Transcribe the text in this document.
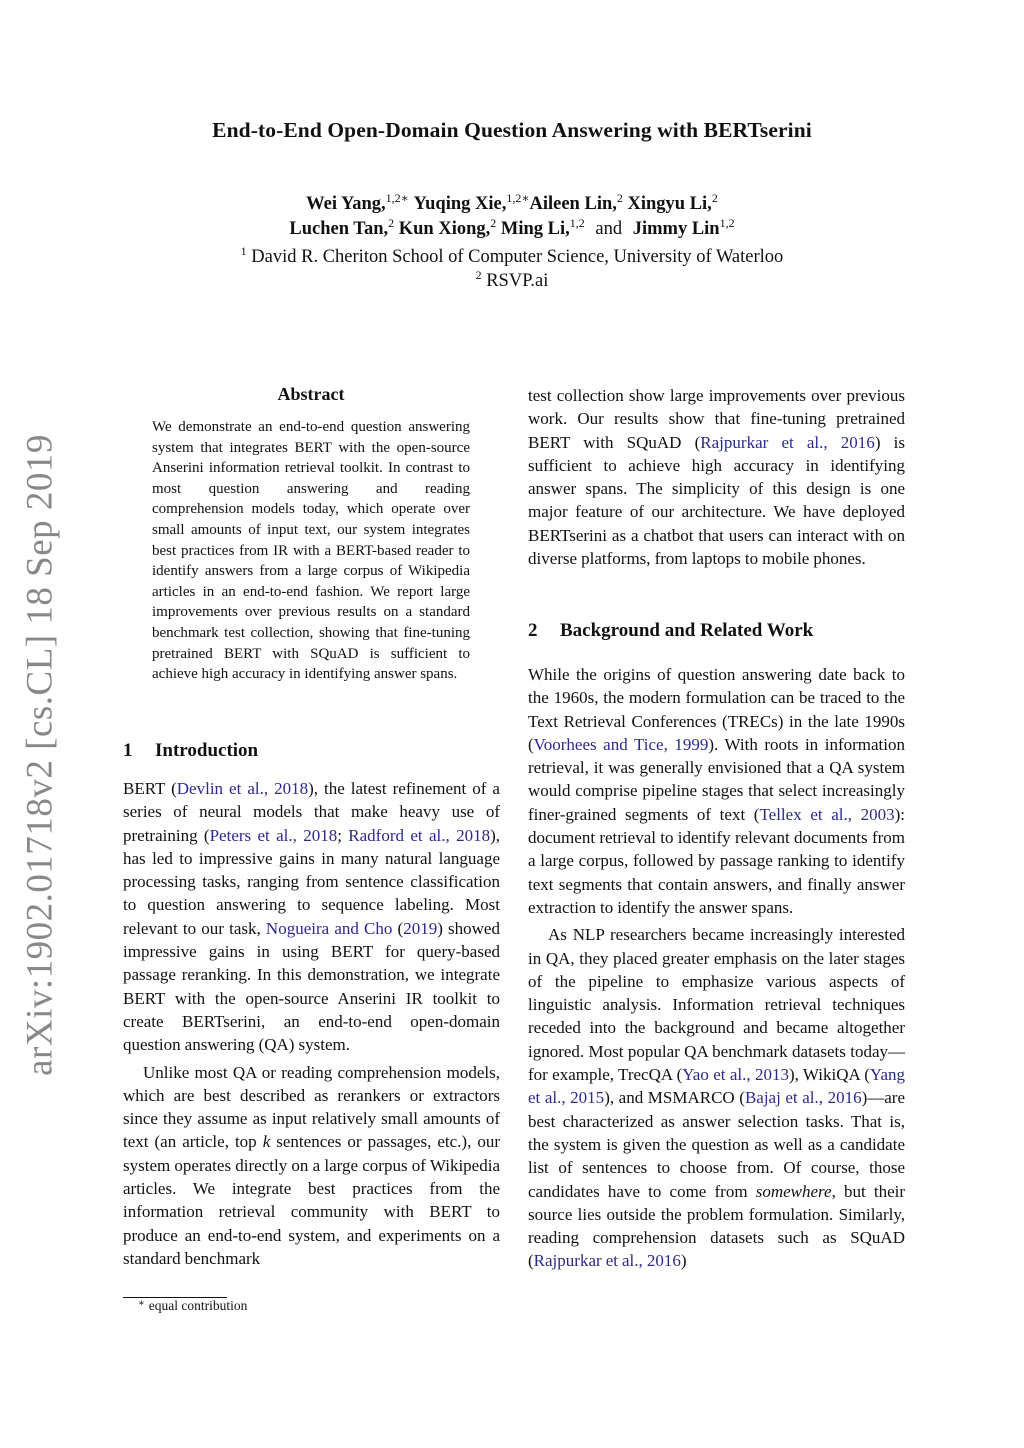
End-to-End Open-Domain Question Answering with BERTserini
Wei Yang,$^{1,2∗}$ Yuqing Xie,$^{1,2∗}$Aileen Lin,$^2$ Xingyu Li,$^2$
Luchen Tan,$^2$ Kun Xiong,$^2$ Ming Li,$^{1,2}$ and Jimmy Lin$^{1,2}$
$^1$ David R. Cheriton School of Computer Science, University of Waterloo
$^2$ RSVP.ai
arXiv:1902.01718v2 [cs.CL] 18 Sep 2019
Abstract
We demonstrate an end-to-end question answering system that integrates BERT with the open-source Anserini information retrieval toolkit. In contrast to most question answering and reading comprehension models today, which operate over small amounts of input text, our system integrates best practices from IR with a BERT-based reader to identify answers from a large corpus of Wikipedia articles in an end-to-end fashion. We report large improvements over previous results on a standard benchmark test collection, showing that fine-tuning pretrained BERT with SQuAD is sufficient to achieve high accuracy in identifying answer spans.
1 Introduction

BERT (Devlin et al., 2018), the latest refinement of a series of neural models that make heavy use of pretraining (Peters et al., 2018; Radford et al., 2018), has led to impressive gains in many natural language processing tasks, ranging from sentence classification to question answering to sequence labeling. Most relevant to our task, Nogueira and Cho (2019) showed impressive gains in using BERT for query-based passage reranking. In this demonstration, we integrate BERT with the open-source Anserini IR toolkit to create BERTserini, an end-to-end open-domain question answering (QA) system.

Unlike most QA or reading comprehension models, which are best described as rerankers or extractors since they assume as input relatively small amounts of text (an article, top k sentences or passages, etc.), our system operates directly on a large corpus of Wikipedia articles. We integrate best practices from the information retrieval community with BERT to produce an end-to-end system, and experiments on a standard benchmark

∗ equal contribution

test collection show large improvements over previous work. Our results show that fine-tuning pretrained BERT with SQuAD (Rajpurkar et al., 2016) is sufficient to achieve high accuracy in identifying answer spans. The simplicity of this design is one major feature of our architecture. We have deployed BERTserini as a chatbot that users can interact with on diverse platforms, from laptops to mobile phones.

2 Background and Related Work

While the origins of question answering date back to the 1960s, the modern formulation can be traced to the Text Retrieval Conferences (TRECs) in the late 1990s (Voorhees and Tice, 1999). With roots in information retrieval, it was generally envisioned that a QA system would comprise pipeline stages that select increasingly finer-grained segments of text (Tellex et al., 2003): document retrieval to identify relevant documents from a large corpus, followed by passage ranking to identify text segments that contain answers, and finally answer extraction to identify the answer spans.

As NLP researchers became increasingly interested in QA, they placed greater emphasis on the later stages of the pipeline to emphasize various aspects of linguistic analysis. Information retrieval techniques receded into the background and became altogether ignored. Most popular QA benchmark datasets today—for example, TrecQA (Yao et al., 2013), WikiQA (Yang et al., 2015), and MSMARCO (Bajaj et al., 2016)—are best characterized as answer selection tasks. That is, the system is given the question as well as a candidate list of sentences to choose from. Of course, those candidates have to come from somewhere, but their source lies outside the problem formulation. Similarly, reading comprehension datasets such as SQuAD (Rajpurkar et al., 2016)
